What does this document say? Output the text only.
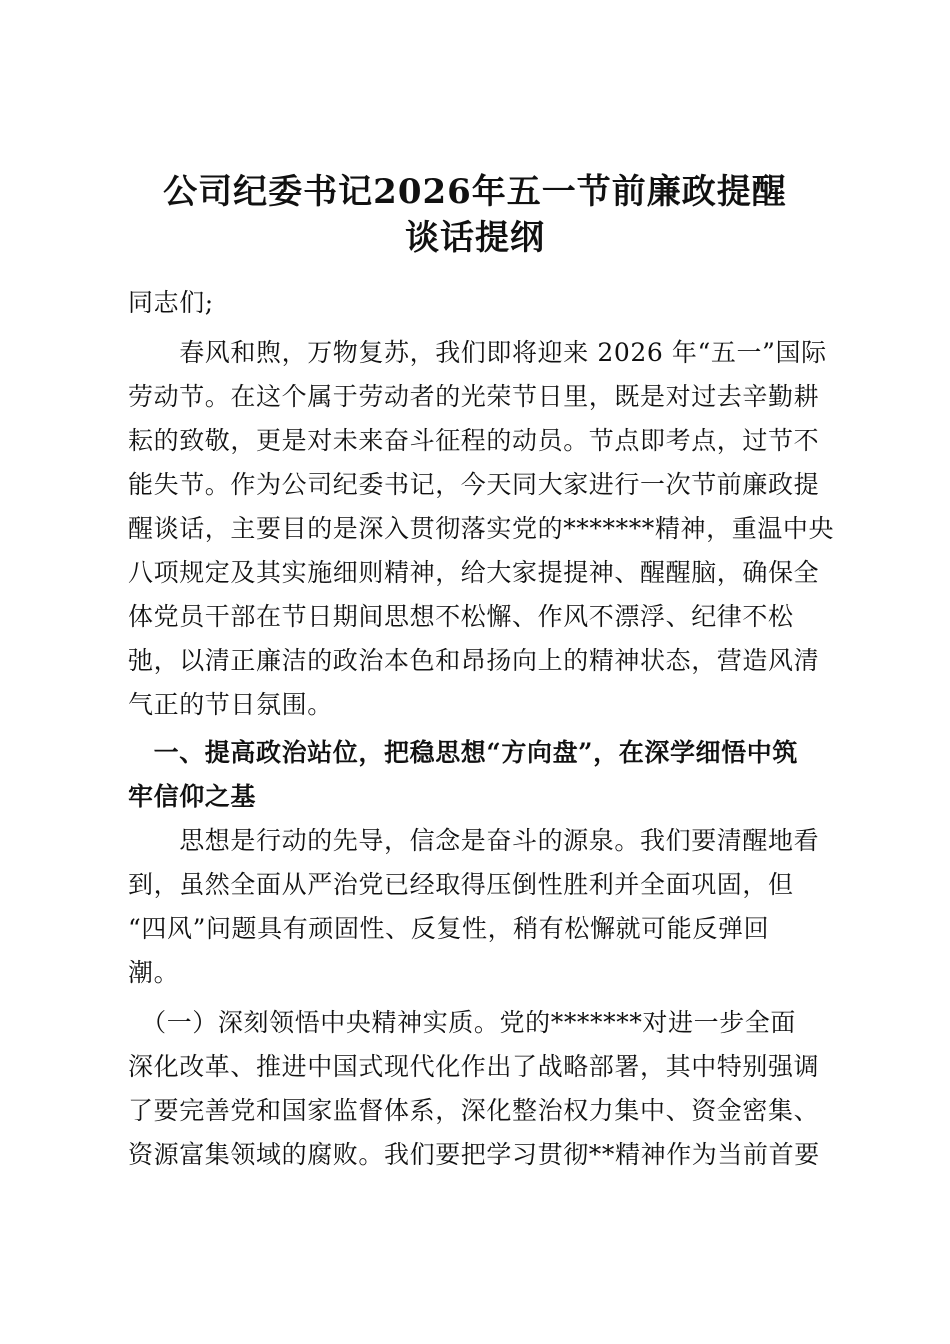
公司纪委书记2026年五一节前廉政提醒
谈话提纲
同志们;
　　春风和煦，万物复苏，我们即将迎来 2026 年“五一”国际
劳动节。在这个属于劳动者的光荣节日里，既是对过去辛勤耕
耘的致敬，更是对未来奋斗征程的动员。节点即考点，过节不
能失节。作为公司纪委书记，今天同大家进行一次节前廉政提
醒谈话，主要目的是深入贯彻落实党的*******精神，重温中央
八项规定及其实施细则精神，给大家提提神、醒醒脑，确保全
体党员干部在节日期间思想不松懈、作风不漂浮、纪律不松
弛，以清正廉洁的政治本色和昂扬向上的精神状态，营造风清
气正的节日氛围。
　一、提高政治站位，把稳思想“方向盘”，在深学细悟中筑
牢信仰之基
　　思想是行动的先导，信念是奋斗的源泉。我们要清醒地看
到，虽然全面从严治党已经取得压倒性胜利并全面巩固，但
“四风”问题具有顽固性、反复性，稍有松懈就可能反弹回
潮。
　（一）深刻领悟中央精神实质。党的*******对进一步全面
深化改革、推进中国式现代化作出了战略部署，其中特别强调
了要完善党和国家监督体系，深化整治权力集中、资金密集、
资源富集领域的腐败。我们要把学习贯彻**精神作为当前首要
